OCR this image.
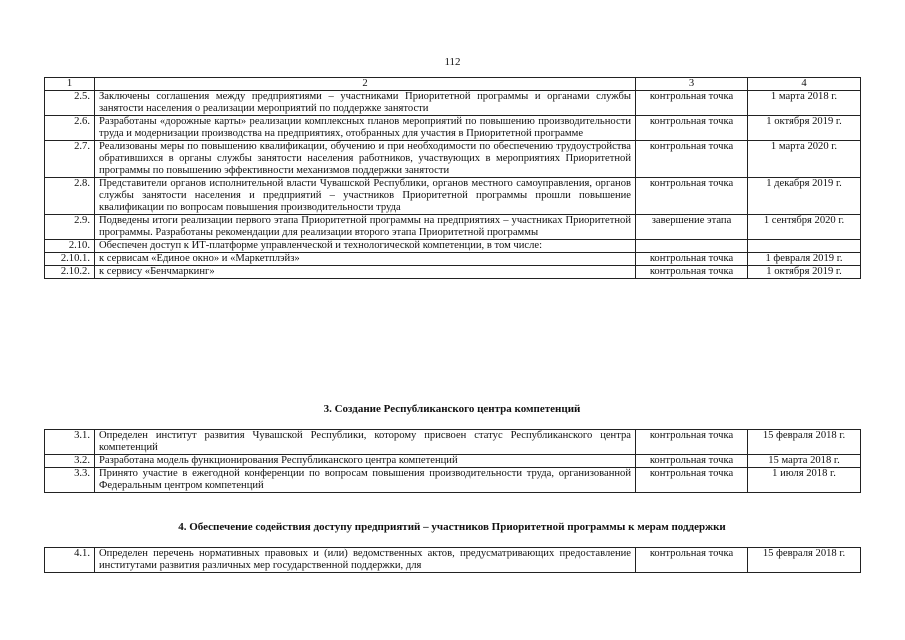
112
1	2	3	4
2.5.	Заключены соглашения между предприятиями – участниками Приоритетной программы и органами службы занятости населения о реализации мероприятий по поддержке занятости	контрольная точка	1 марта 2018 г.
2.6.	Разработаны «дорожные карты» реализации комплексных планов мероприятий по повышению производительности труда и модернизации производства на предприятиях, отобранных для участия в Приоритетной программе	контрольная точка	1 октября 2019 г.
2.7.	Реализованы меры по повышению квалификации, обучению и при необходимости по обеспечению трудоустройства обратившихся в органы службы занятости населения работников, участвующих в мероприятиях Приоритетной программы по повышению эффективности механизмов поддержки занятости	контрольная точка	1 марта 2020 г.
2.8.	Представители органов исполнительной власти Чувашской Республики, органов местного самоуправления, органов службы занятости населения и предприятий – участников Приоритетной программы прошли повышение квалификации по вопросам повышения производительности труда	контрольная точка	1 декабря 2019 г.
2.9.	Подведены итоги реализации первого этапа Приоритетной программы на предприятиях – участниках Приоритетной программы. Разработаны рекомендации для реализации второго этапа Приоритетной программы	завершение этапа	1 сентября 2020 г.
2.10.	Обеспечен доступ к ИТ-платформе управленческой и технологической компетенции, в том числе:		
2.10.1.	к сервисам «Единое окно» и «Маркетплэйз»	контрольная точка	1 февраля 2019 г.
2.10.2.	к сервису «Бенчмаркинг»	контрольная точка	1 октября 2019 г.
3. Создание Республиканского центра компетенций
3.1.	Определен институт развития Чувашской Республики, которому присвоен статус Республиканского центра компетенций	контрольная точка	15 февраля 2018 г.
3.2.	Разработана модель функционирования Республиканского центра компетенций	контрольная точка	15 марта 2018 г.
3.3.	Принято участие в ежегодной конференции по вопросам повышения производительности труда, организованной Федеральным центром компетенций	контрольная точка	1 июля 2018 г.
4. Обеспечение содействия доступу предприятий – участников Приоритетной программы к мерам поддержки
4.1.	Определен перечень нормативных правовых и (или) ведомственных актов, предусматривающих предоставление институтами развития различных мер государственной поддержки, для	контрольная точка	15 февраля 2018 г.
